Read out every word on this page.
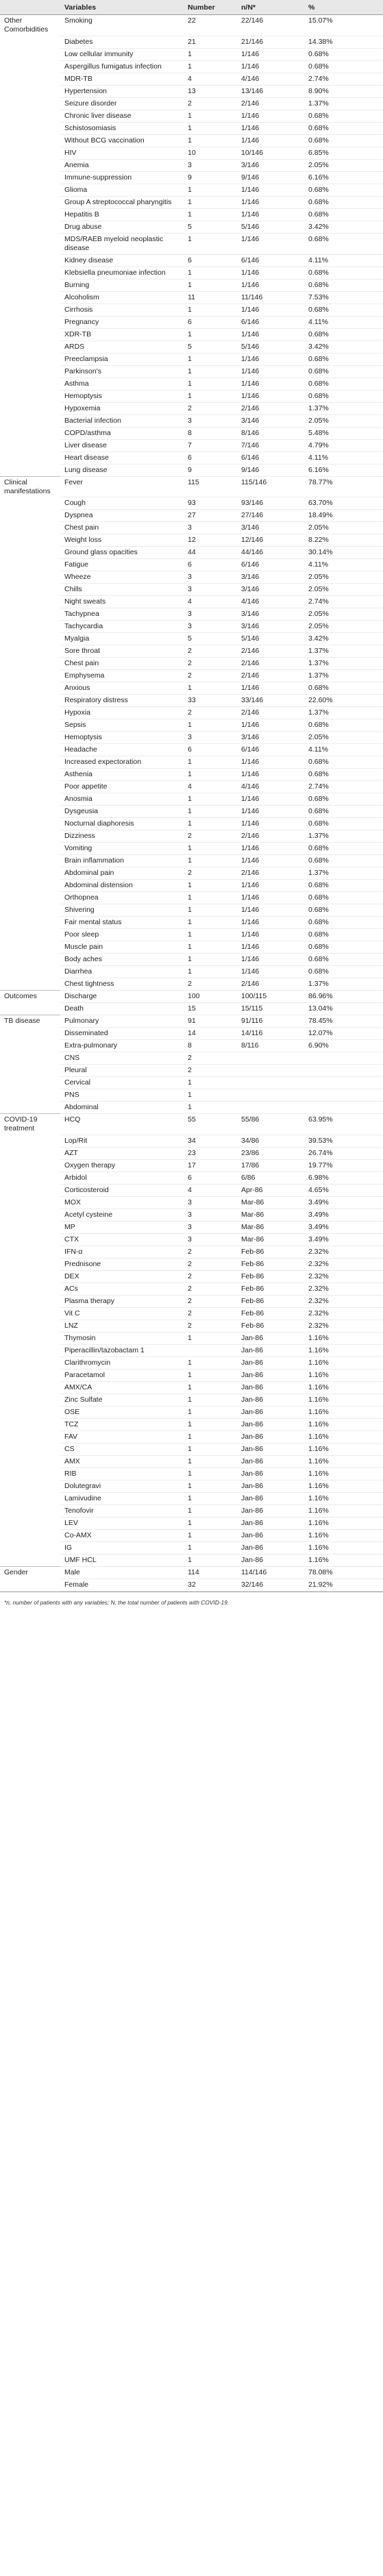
	Variables	Number	n/N*	%
Other Comorbidities	Smoking	22	22/146	15.07%
	Diabetes	21	21/146	14.38%
	Low cellular immunity	1	1/146	0.68%
	Aspergillus fumigatus infection	1	1/146	0.68%
	MDR-TB	4	4/146	2.74%
	Hypertension	13	13/146	8.90%
	Seizure disorder	2	2/146	1.37%
	Chronic liver disease	1	1/146	0.68%
	Schistosomiasis	1	1/146	0.68%
	Without BCG vaccination	1	1/146	0.68%
	HIV	10	10/146	6.85%
	Anemia	3	3/146	2.05%
	Immune-suppression	9	9/146	6.16%
	Glioma	1	1/146	0.68%
	Group A streptococcal pharyngitis	1	1/146	0.68%
	Hepatitis B	1	1/146	0.68%
	Drug abuse	5	5/146	3.42%
	MDS/RAEB myeloid neoplastic disease	1	1/146	0.68%
	Kidney disease	6	6/146	4.11%
	Klebsiella pneumoniae infection	1	1/146	0.68%
	Burning	1	1/146	0.68%
	Alcoholism	11	11/146	7.53%
	Cirrhosis	1	1/146	0.68%
	Pregnancy	6	6/146	4.11%
	XDR-TB	1	1/146	0.68%
	ARDS	5	5/146	3.42%
	Preeclampsia	1	1/146	0.68%
	Parkinson's	1	1/146	0.68%
	Asthma	1	1/146	0.68%
	Hemoptysis	1	1/146	0.68%
	Hypoxemia	2	2/146	1.37%
	Bacterial infection	3	3/146	2.05%
	COPD/asthma	8	8/146	5.48%
	Liver disease	7	7/146	4.79%
	Heart disease	6	6/146	4.11%
	Lung disease	9	9/146	6.16%
Clinical manifestations	Fever	115	115/146	78.77%
	Cough	93	93/146	63.70%
	Dyspnea	27	27/146	18.49%
	Chest pain	3	3/146	2.05%
	Weight loss	12	12/146	8.22%
	Ground glass opacities	44	44/146	30.14%
	Fatigue	6	6/146	4.11%
	Wheeze	3	3/146	2.05%
	Chills	3	3/146	2.05%
	Night sweats	4	4/146	2.74%
	Tachypnea	3	3/146	2.05%
	Tachycardia	3	3/146	2.05%
	Myalgia	5	5/146	3.42%
	Sore throat	2	2/146	1.37%
	Chest pain	2	2/146	1.37%
	Emphysema	2	2/146	1.37%
	Anxious	1	1/146	0.68%
	Respiratory distress	33	33/146	22.60%
	Hypoxia	2	2/146	1.37%
	Sepsis	1	1/146	0.68%
	Hemoptysis	3	3/146	2.05%
	Headache	6	6/146	4.11%
	Increased expectoration	1	1/146	0.68%
	Asthenia	1	1/146	0.68%
	Poor appetite	4	4/146	2.74%
	Anosmia	1	1/146	0.68%
	Dysgeusia	1	1/146	0.68%
	Nocturnal diaphoresis	1	1/146	0.68%
	Dizziness	2	2/146	1.37%
	Vomiting	1	1/146	0.68%
	Brain inflammation	1	1/146	0.68%
	Abdominal pain	2	2/146	1.37%
	Abdominal distension	1	1/146	0.68%
	Orthopnea	1	1/146	0.68%
	Shivering	1	1/146	0.68%
	Fair mental status	1	1/146	0.68%
	Poor sleep	1	1/146	0.68%
	Muscle pain	1	1/146	0.68%
	Body aches	1	1/146	0.68%
	Diarrhea	1	1/146	0.68%
	Chest tightness	2	2/146	1.37%
Outcomes	Discharge	100	100/115	86.96%
	Death	15	15/115	13.04%
TB disease	Pulmonary	91	91/116	78.45%
	Disseminated	14	14/116	12.07%
	Extra-pulmonary	8	8/116	6.90%
	CNS	2		
	Pleural	2		
	Cervical	1		
	PNS	1		
	Abdominal	1		
COVID-19 treatment	HCQ	55	55/86	63.95%
	Lop/Rit	34	34/86	39.53%
	AZT	23	23/86	26.74%
	Oxygen therapy	17	17/86	19.77%
	Arbidol	6	6/86	6.98%
	Corticosteroid	4	Apr-86	4.65%
	MOX	3	Mar-86	3.49%
	Acetyl cysteine	3	Mar-86	3.49%
	MP	3	Mar-86	3.49%
	CTX	3	Mar-86	3.49%
	IFN-α	2	Feb-86	2.32%
	Prednisone	2	Feb-86	2.32%
	DEX	2	Feb-86	2.32%
	ACs	2	Feb-86	2.32%
	Plasma therapy	2	Feb-86	2.32%
	Vit C	2	Feb-86	2.32%
	LNZ	2	Feb-86	2.32%
	Thymosin	1	Jan-86	1.16%
	Piperacillin/tazobactam 1		Jan-86	1.16%
	Clarithromycin	1	Jan-86	1.16%
	Paracetamol	1	Jan-86	1.16%
	AMX/CA	1	Jan-86	1.16%
	Zinc Sulfate	1	Jan-86	1.16%
	OSE	1	Jan-86	1.16%
	TCZ	1	Jan-86	1.16%
	FAV	1	Jan-86	1.16%
	CS	1	Jan-86	1.16%
	AMX	1	Jan-86	1.16%
	RIB	1	Jan-86	1.16%
	Dolutegravi	1	Jan-86	1.16%
	Lamivudine	1	Jan-86	1.16%
	Tenofovir	1	Jan-86	1.16%
	LEV	1	Jan-86	1.16%
	Co-AMX	1	Jan-86	1.16%
	IG	1	Jan-86	1.16%
	UMF HCL	1	Jan-86	1.16%
Gender	Male	114	114/146	78.08%
	Female	32	32/146	21.92%
*n, number of patients with any variables; N, the total number of patients with COVID-19.
